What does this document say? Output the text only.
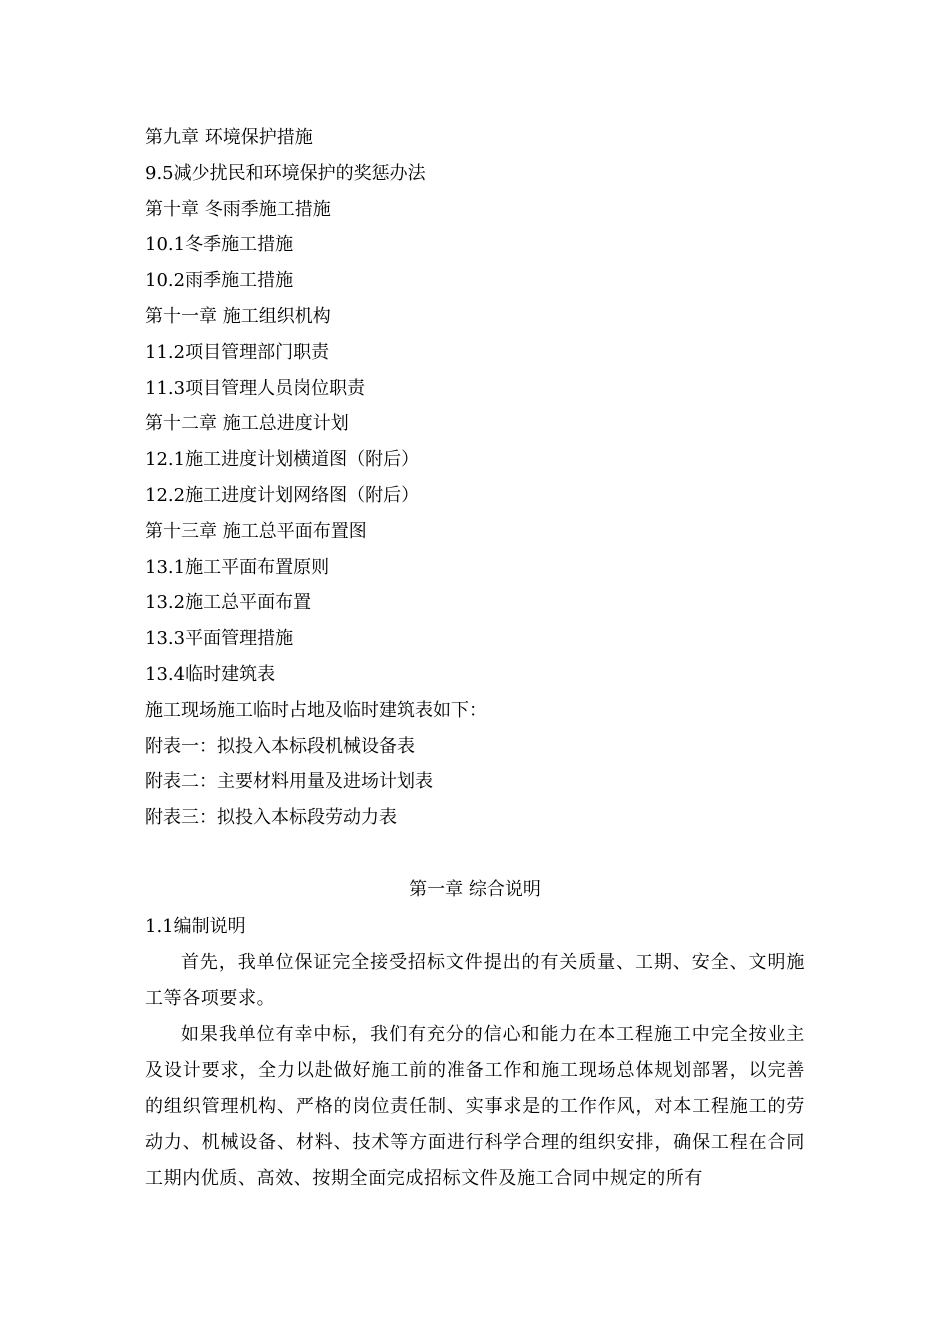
第九章 环境保护措施
9.5减少扰民和环境保护的奖惩办法
第十章 冬雨季施工措施
10.1冬季施工措施
10.2雨季施工措施
第十一章 施工组织机构
11.2项目管理部门职责
11.3项目管理人员岗位职责
第十二章 施工总进度计划
12.1施工进度计划横道图（附后）
12.2施工进度计划网络图（附后）
第十三章 施工总平面布置图
13.1施工平面布置原则
13.2施工总平面布置
13.3平面管理措施
13.4临时建筑表
施工现场施工临时占地及临时建筑表如下：
附表一：拟投入本标段机械设备表
附表二：主要材料用量及进场计划表
附表三：拟投入本标段劳动力表
第一章 综合说明
1.1编制说明

首先，我单位保证完全接受招标文件提出的有关质量、工期、安全、文明施工等各项要求。

如果我单位有幸中标，我们有充分的信心和能力在本工程施工中完全按业主及设计要求，全力以赴做好施工前的准备工作和施工现场总体规划部署，以完善的组织管理机构、严格的岗位责任制、实事求是的工作作风，对本工程施工的劳动力、机械设备、材料、技术等方面进行科学合理的组织安排，确保工程在合同工期内优质、高效、按期全面完成招标文件及施工合同中规定的所有
